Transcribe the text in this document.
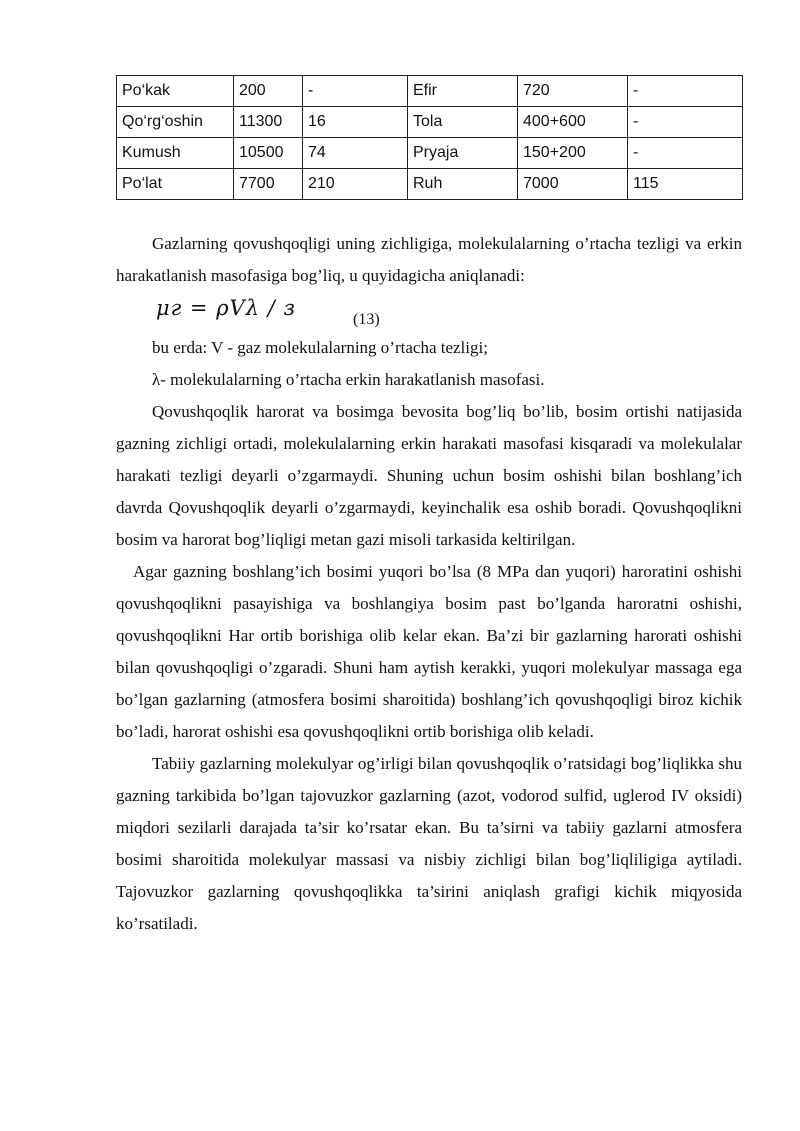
Po‘kak	200	-	Efir	720	-
Qo‘rg‘oshin	11300	16	Tola	400+600	-
Kumush	10500	74	Pryaja	150+200	-
Po‘lat	7700	210	Ruh	7000	115

Gazlarning qovushqoqligi uning zichligiga, molekulalarning o’rtacha tezligi va erkin harakatlanish masofasiga bog’liq, u quyidagicha aniqlanadi:

μг = ρVλ / з	(13)

bu erda: V - gaz molekulalarning o’rtacha tezligi;

λ- molekulalarning o’rtacha erkin harakatlanish masofasi.

Qovushqoqlik harorat va bosimga bevosita bog’liq bo’lib, bosim ortishi natijasida gazning zichligi ortadi, molekulalarning erkin harakati masofasi kisqaradi va molekulalar harakati tezligi deyarli o’zgarmaydi. Shuning uchun bosim oshishi bilan boshlang’ich davrda Qovushqoqlik deyarli o’zgarmaydi, keyinchalik esa oshib boradi. Qovushqoqlikni bosim va harorat bog’liqligi metan gazi misoli tarkasida keltirilgan.

Agar gazning boshlang’ich bosimi yuqori bo’lsa (8 MPa dan yuqori) haroratini oshishi qovushqoqlikni pasayishiga va boshlangiya bosim past bo’lganda haroratni oshishi, qovushqoqlikni Har ortib borishiga olib kelar ekan. Ba’zi bir gazlarning harorati oshishi bilan qovushqoqligi o’zgaradi. Shuni ham aytish kerakki, yuqori molekulyar massaga ega bo’lgan gazlarning (atmosfera bosimi sharoitida) boshlang’ich qovushqoqligi biroz kichik bo’ladi, harorat oshishi esa qovushqoqlikni ortib borishiga olib keladi.

Tabiiy gazlarning molekulyar og’irligi bilan qovushqoqlik o’ratsidagi bog’liqlikka shu gazning tarkibida bo’lgan tajovuzkor gazlarning (azot, vodorod sulfid, uglerod IV oksidi) miqdori sezilarli darajada ta’sir ko’rsatar ekan. Bu ta’sirni va tabiiy gazlarni atmosfera bosimi sharoitida molekulyar massasi va nisbiy zichligi bilan bog’liqliligiga aytiladi. Tajovuzkor gazlarning qovushqoqlikka ta’sirini aniqlash grafigi kichik miqyosida ko’rsatiladi.
